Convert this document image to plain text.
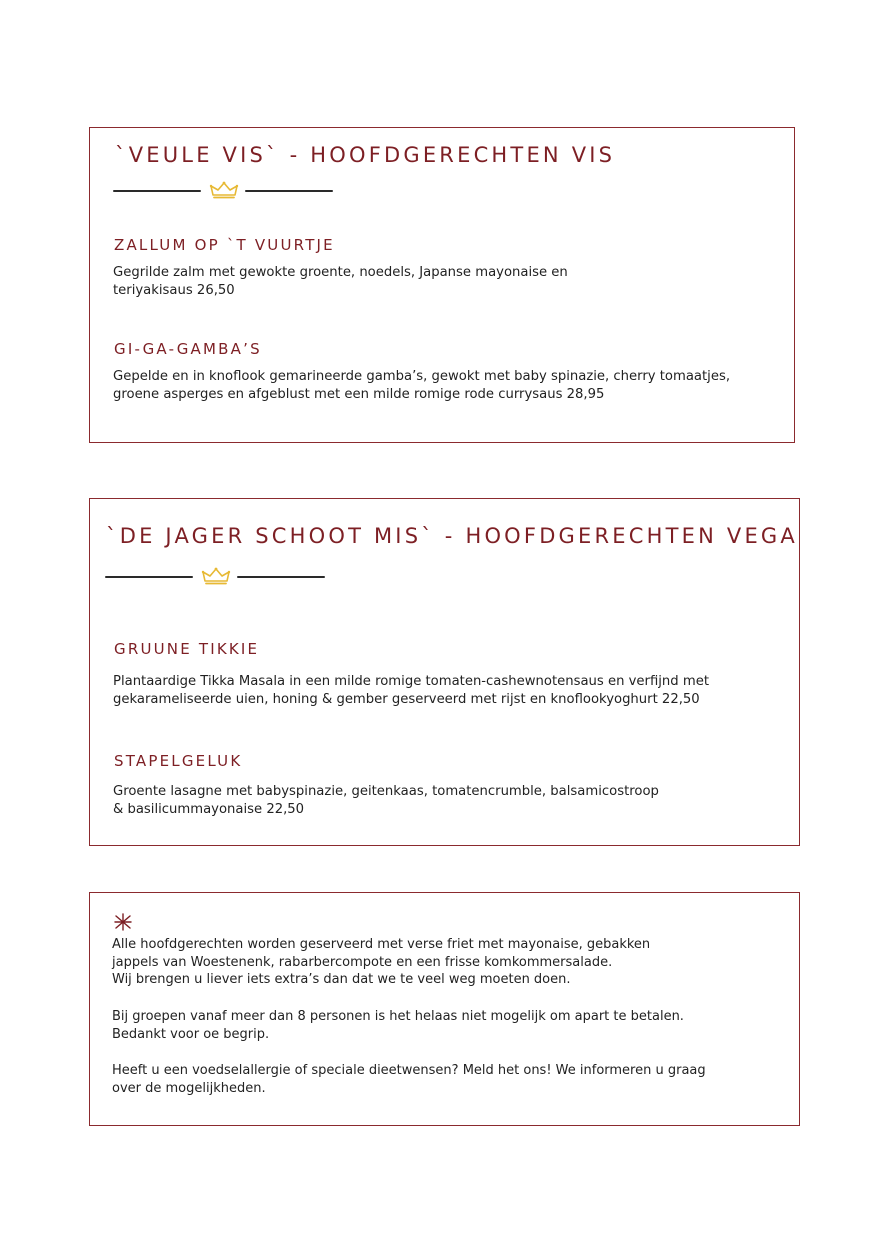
`VEULE VIS` - HOOFDGERECHTEN VIS
ZALLUM OP `T VUURTJE

Gegrilde zalm met gewokte groente, noedels, Japanse mayonaise en
teriyakisaus 26,50

GI-GA-GAMBA’S

Gepelde en in knoflook gemarineerde gamba’s, gewokt met baby spinazie, cherry tomaatjes,
groene asperges en afgeblust met een milde romige rode currysaus 28,95

`DE JAGER SCHOOT MIS` - HOOFDGERECHTEN VEGA
GRUUNE TIKKIE

Plantaardige Tikka Masala in een milde romige tomaten-cashewnotensaus en verfijnd met
gekarameliseerde uien, honing & gember geserveerd met rijst en knoflookyoghurt 22,50

STAPELGELUK

Groente lasagne met babyspinazie, geitenkaas, tomatencrumble, balsamicostroop
& basilicummayonaise 22,50

Alle hoofdgerechten worden geserveerd met verse friet met mayonaise, gebakken
jappels van Woestenenk, rabarbercompote en een frisse komkommersalade.
Wij brengen u liever iets extra’s dan dat we te veel weg moeten doen.

Bij groepen vanaf meer dan 8 personen is het helaas niet mogelijk om apart te betalen.
Bedankt voor oe begrip.

Heeft u een voedselallergie of speciale dieetwensen? Meld het ons! We informeren u graag
over de mogelijkheden.
